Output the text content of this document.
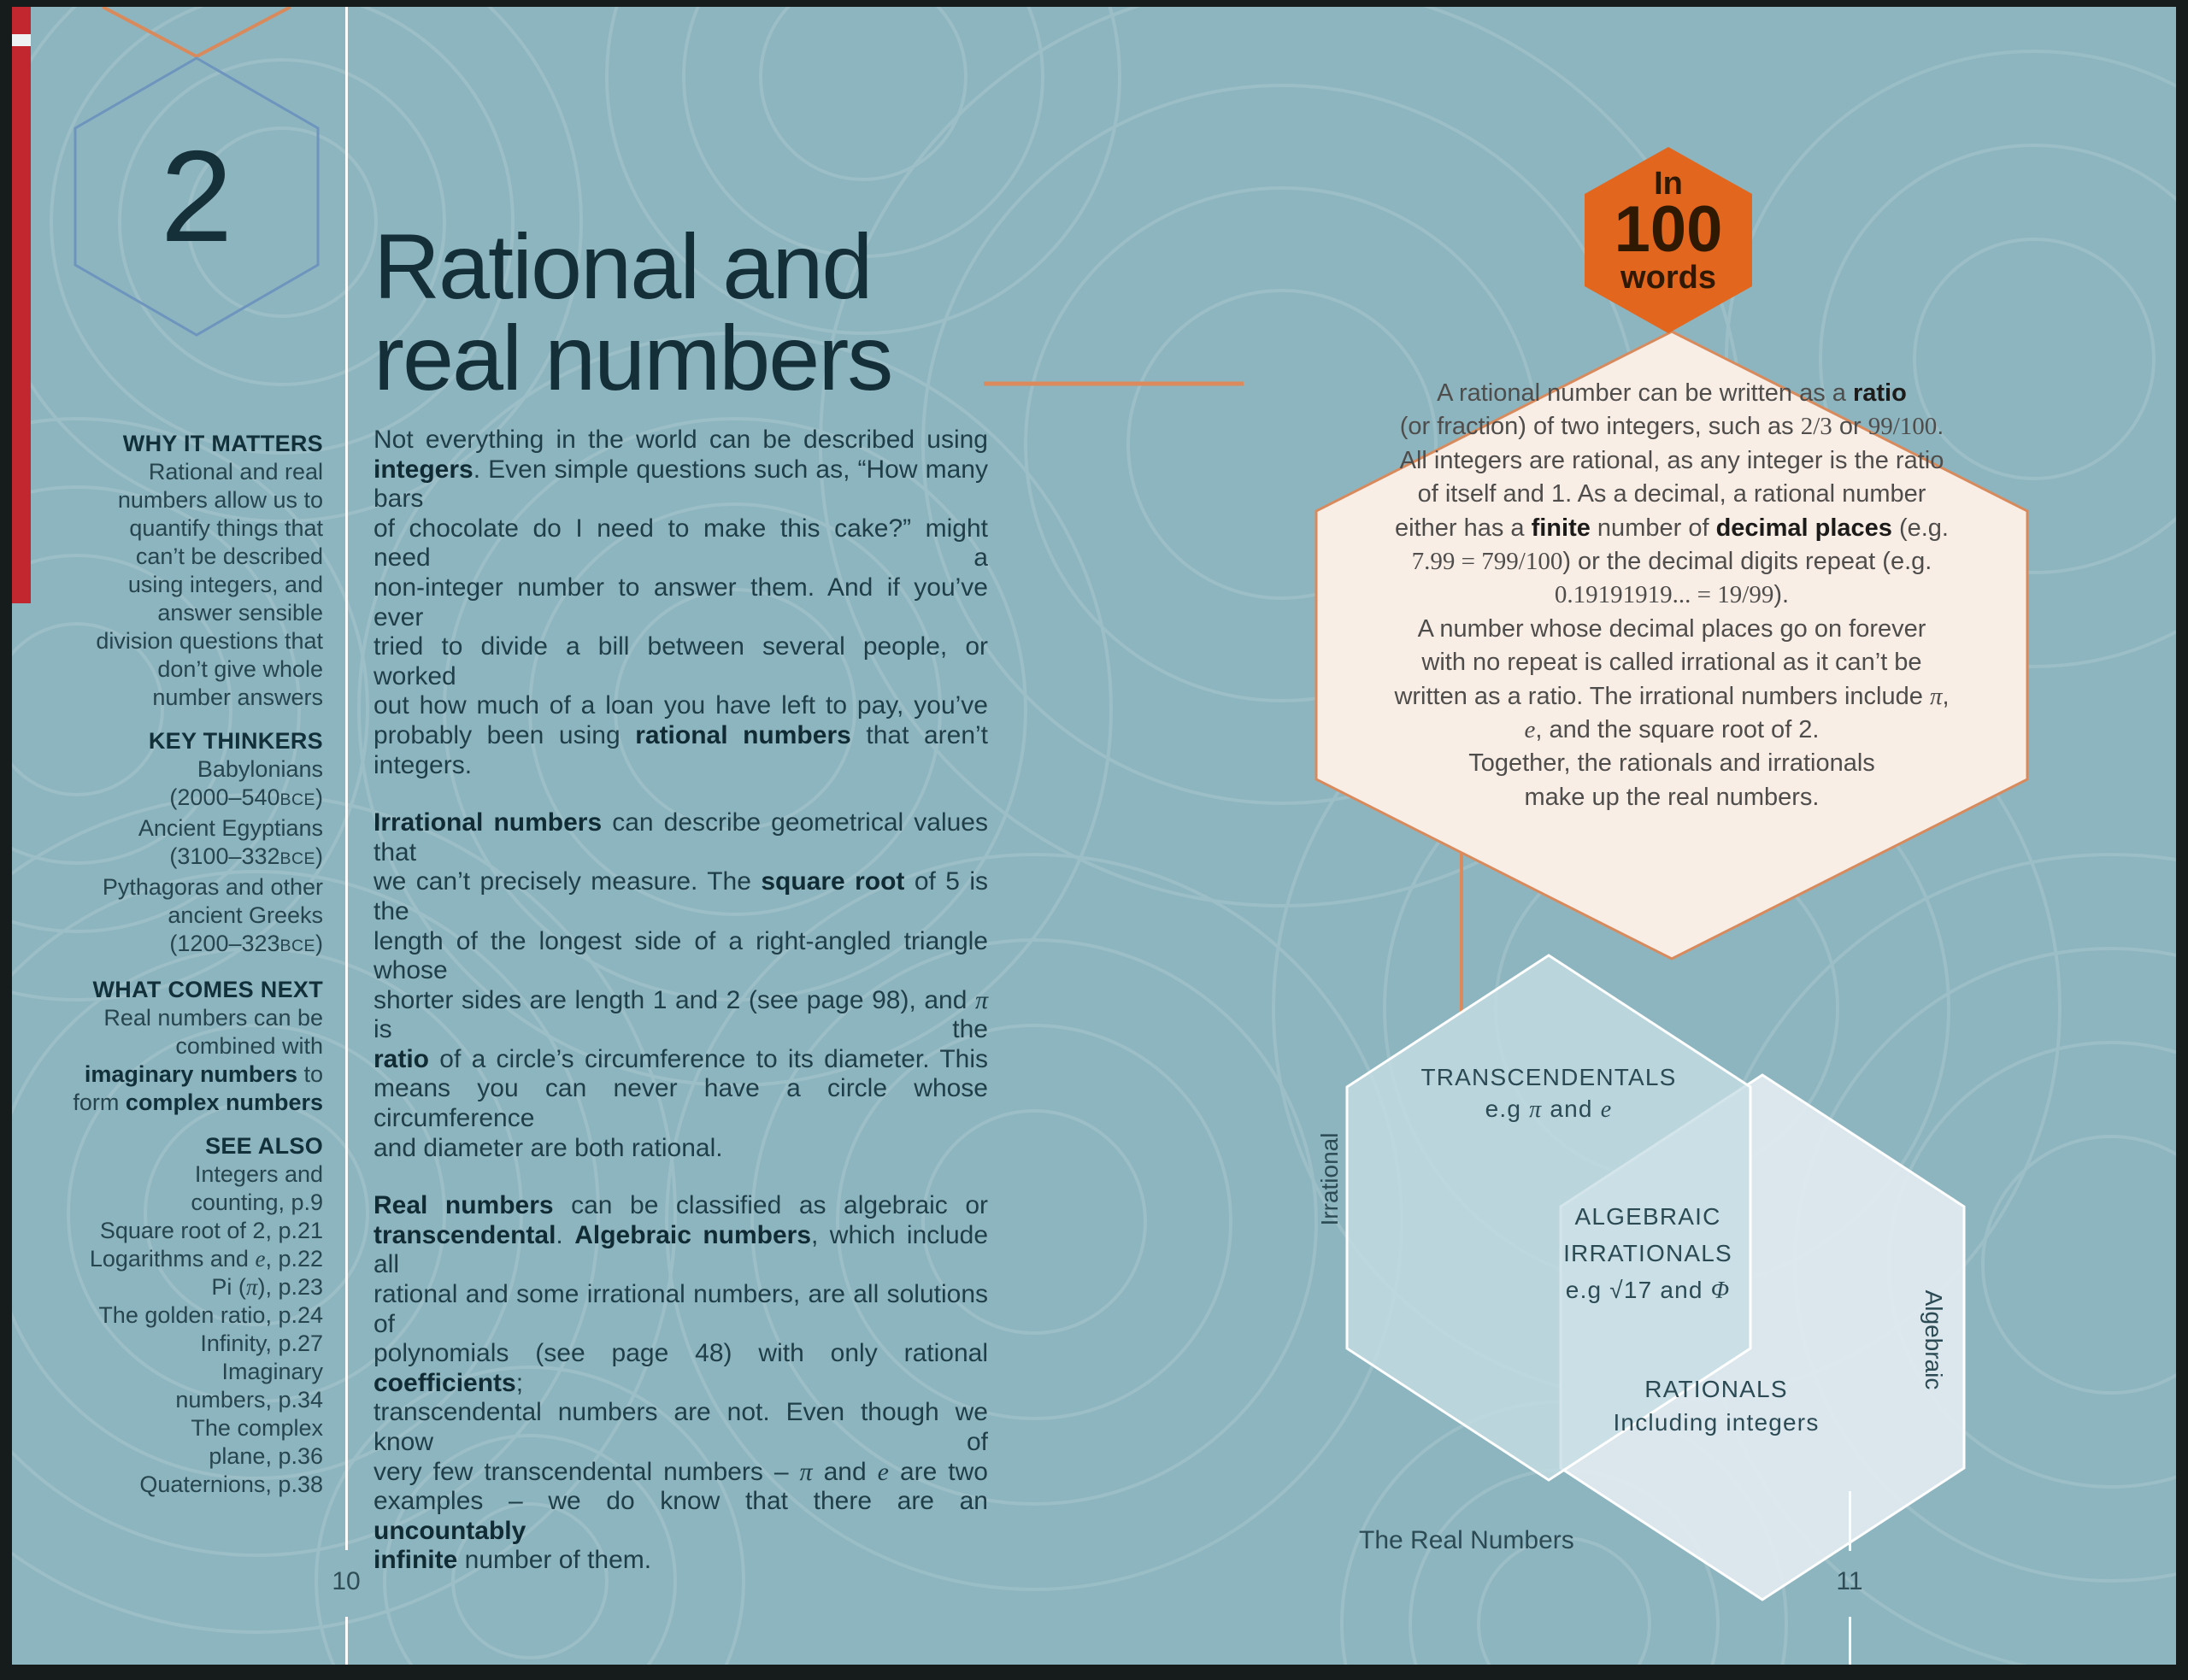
2	Rational and
real numbers
WHY IT MATTERS
Rational and real
numbers allow us to
quantify things that
can’t be described
using integers, and
answer sensible
division questions that
don’t give whole
number answers
KEY THINKERS
Babylonians
(2000–540BCE)
Ancient Egyptians
(3100–332BCE)
Pythagoras and other
ancient Greeks
(1200–323BCE)
WHAT COMES NEXT
Real numbers can be
combined with
imaginary numbers to
form complex numbers
SEE ALSO
Integers and
counting, p.9
Square root of 2, p.21
Logarithms and e, p.22
Pi (π), p.23
The golden ratio, p.24
Infinity, p.27
Imaginary
numbers, p.34
The complex
plane, p.36
Quaternions, p.38
Not everything in the world can be described using
integers. Even simple questions such as, “How many bars
of chocolate do I need to make this cake?” might need a
non-integer number to answer them. And if you’ve ever
tried to divide a bill between several people, or worked
out how much of a loan you have left to pay, you’ve
probably been using rational numbers that aren’t integers.
Irrational numbers can describe geometrical values that
we can’t precisely measure. The square root of 5 is the
length of the longest side of a right-angled triangle whose
shorter sides are length 1 and 2 (see page 98), and π is the
ratio of a circle’s circumference to its diameter. This
means you can never have a circle whose circumference
and diameter are both rational.
Real numbers can be classified as algebraic or
transcendental. Algebraic numbers, which include all
rational and some irrational numbers, are all solutions of
polynomials (see page 48) with only rational coefficients;
transcendental numbers are not. Even though we know of
very few transcendental numbers – π and e are two
examples – we do know that there are an uncountably
infinite number of them.
In
100
words
A rational number can be written as a ratio
(or fraction) of two integers, such as 2/3 or 99/100.
All integers are rational, as any integer is the ratio
of itself and 1. As a decimal, a rational number
either has a finite number of decimal places (e.g.
7.99 = 799/100) or the decimal digits repeat (e.g.
0.19191919... = 19/99).
A number whose decimal places go on forever
with no repeat is called irrational as it can’t be
written as a ratio. The irrational numbers include π,
e, and the square root of 2.
Together, the rationals and irrationals
make up the real numbers.
TRANSCENDENTALS
e.g π and e
ALGEBRAIC
IRRATIONALS
e.g √17 and Φ
RATIONALS
Including integers
Irrational
Algebraic
The Real Numbers
10	11
